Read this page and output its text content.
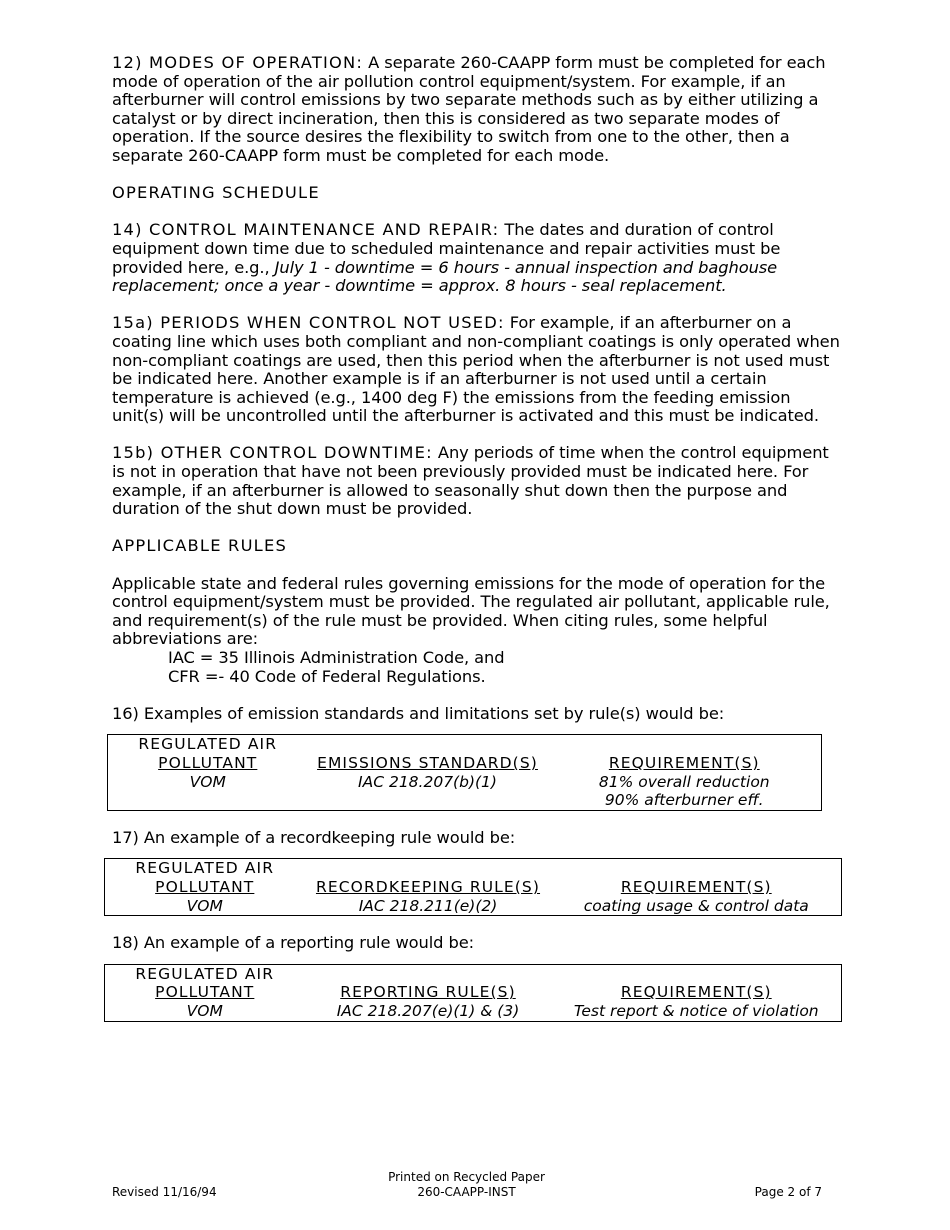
12) MODES OF OPERATION: A separate 260-CAAPP form must be completed for each mode of operation of the air pollution control equipment/system. For example, if an afterburner will control emissions by two separate methods such as by either utilizing a catalyst or by direct incineration, then this is considered as two separate modes of operation. If the source desires the flexibility to switch from one to the other, then a separate 260-CAAPP form must be completed for each mode.

OPERATING SCHEDULE

14) CONTROL MAINTENANCE AND REPAIR: The dates and duration of control equipment down time due to scheduled maintenance and repair activities must be provided here, e.g., July 1 - downtime = 6 hours - annual inspection and baghouse replacement; once a year - downtime = approx. 8 hours - seal replacement.

15a) PERIODS WHEN CONTROL NOT USED: For example, if an afterburner on a coating line which uses both compliant and non-compliant coatings is only operated when non-compliant coatings are used, then this period when the afterburner is not used must be indicated here. Another example is if an afterburner is not used until a certain temperature is achieved (e.g., 1400 deg F) the emissions from the feeding emission unit(s) will be uncontrolled until the afterburner is activated and this must be indicated.

15b) OTHER CONTROL DOWNTIME: Any periods of time when the control equipment is not in operation that have not been previously provided must be indicated here. For example, if an afterburner is allowed to seasonally shut down then the purpose and duration of the shut down must be provided.

APPLICABLE RULES

Applicable state and federal rules governing emissions for the mode of operation for the control equipment/system must be provided. The regulated air pollutant, applicable rule, and requirement(s) of the rule must be provided. When citing rules, some helpful abbreviations are:

IAC = 35 Illinois Administration Code, and

CFR =- 40 Code of Federal Regulations.

16) Examples of emission standards and limitations set by rule(s) would be:

REGULATED AIR		
POLLUTANT	EMISSIONS STANDARD(S)	REQUIREMENT(S)
VOM	IAC 218.207(b)(1)	81% overall reduction
		90% afterburner eff.

17) An example of a recordkeeping rule would be:

REGULATED AIR		
POLLUTANT	RECORDKEEPING RULE(S)	REQUIREMENT(S)
VOM	IAC 218.211(e)(2)	coating usage & control data

18) An example of a reporting rule would be:

REGULATED AIR		
POLLUTANT	REPORTING RULE(S)	REQUIREMENT(S)
VOM	IAC 218.207(e)(1) & (3)	Test report & notice of violation
Revised 11/16/94
Printed on Recycled Paper
260-CAAPP-INST	Page 2 of 7
